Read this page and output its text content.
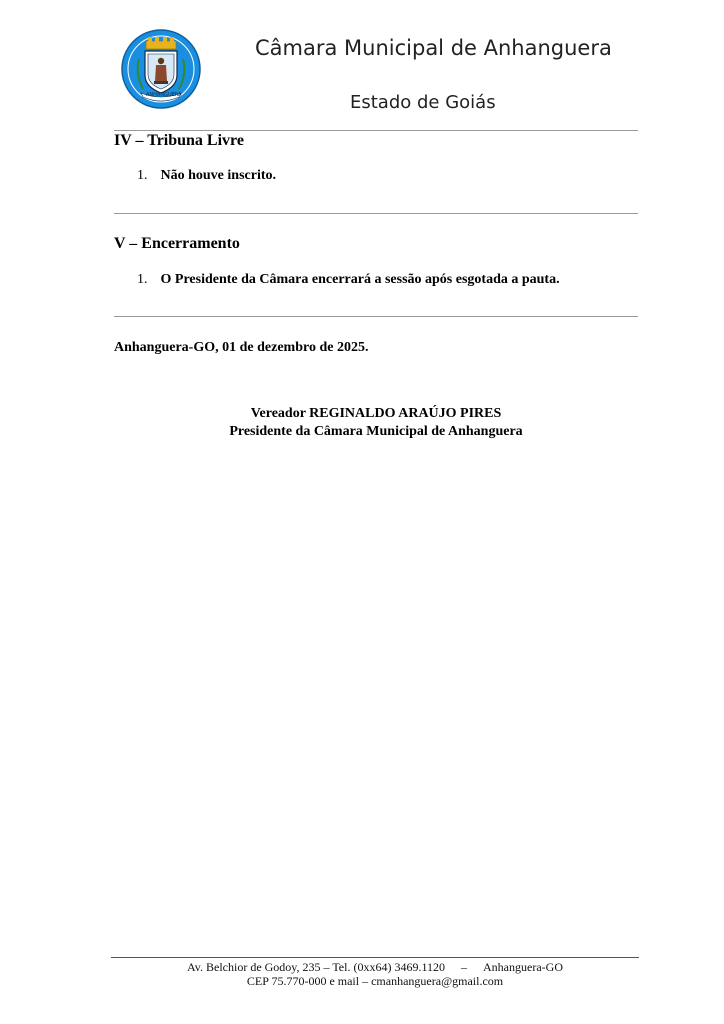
ANHANGUERA
Câmara Municipal de Anhanguera
Estado de Goiás
IV – Tribuna Livre
1. Não houve inscrito.
V – Encerramento
1. O Presidente da Câmara encerrará a sessão após esgotada a pauta.
Anhanguera-GO, 01 de dezembro de 2025.
Vereador REGINALDO ARAÚJO PIRES
Presidente da Câmara Municipal de Anhanguera
Av. Belchior de Godoy, 235 – Tel. (0xx64) 3469.1120 – Anhanguera-GO
CEP 75.770-000 e mail – cmanhanguera@gmail.com
